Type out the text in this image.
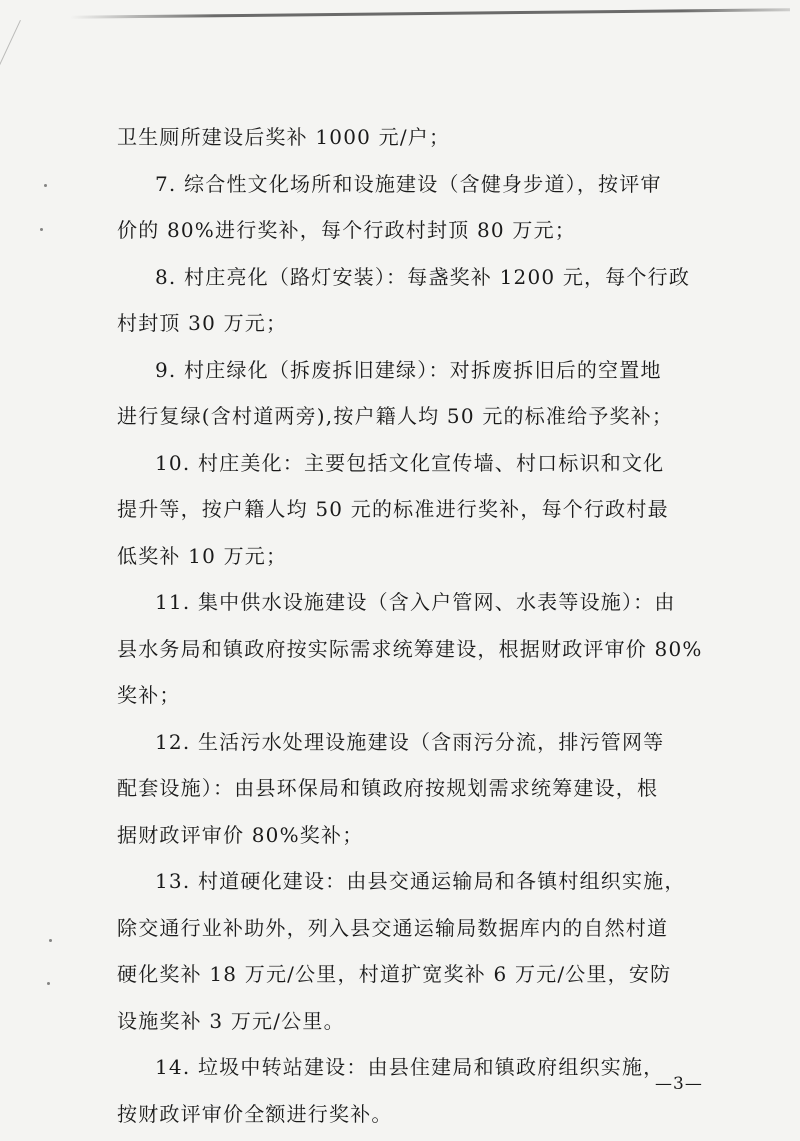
卫生厕所建设后奖补 1000 元/户；
7. 综合性文化场所和设施建设（含健身步道），按评审
价的 80%进行奖补，每个行政村封顶 80 万元；
8. 村庄亮化（路灯安装）：每盏奖补 1200 元，每个行政
村封顶 30 万元；
9. 村庄绿化（拆废拆旧建绿）：对拆废拆旧后的空置地
进行复绿(含村道两旁),按户籍人均 50 元的标准给予奖补；
10. 村庄美化：主要包括文化宣传墙、村口标识和文化
提升等，按户籍人均 50 元的标准进行奖补，每个行政村最
低奖补 10 万元；
11. 集中供水设施建设（含入户管网、水表等设施）：由
县水务局和镇政府按实际需求统筹建设，根据财政评审价 80%
奖补；
12. 生活污水处理设施建设（含雨污分流，排污管网等
配套设施）：由县环保局和镇政府按规划需求统筹建设，根
据财政评审价 80%奖补；
13. 村道硬化建设：由县交通运输局和各镇村组织实施，
除交通行业补助外，列入县交通运输局数据库内的自然村道
硬化奖补 18 万元/公里，村道扩宽奖补 6 万元/公里，安防
设施奖补 3 万元/公里。
14. 垃圾中转站建设：由县住建局和镇政府组织实施，
按财政评审价全额进行奖补。
—3—
